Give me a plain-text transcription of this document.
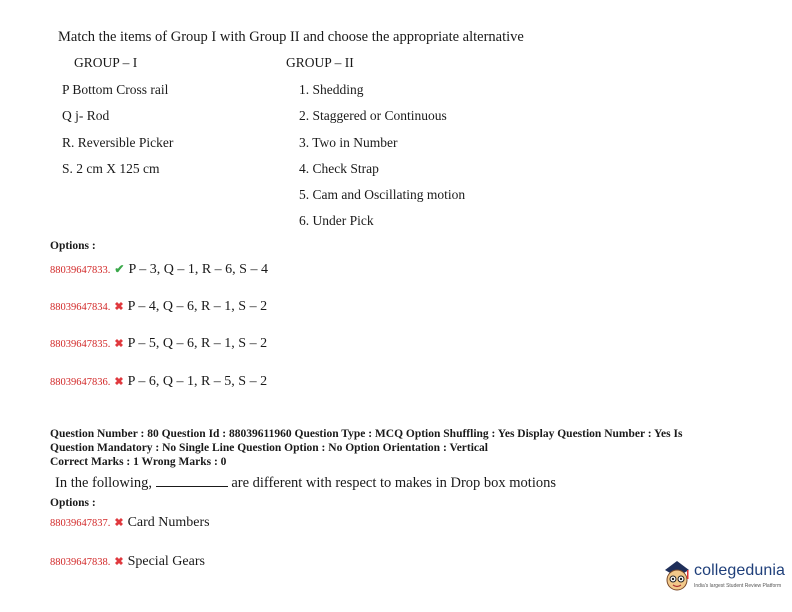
Match the items of Group I with Group II and choose the appropriate alternative
GROUP – I	GROUP – II
P Bottom Cross rail
Q j- Rod
R. Reversible Picker
S. 2 cm X 125 cm
1. Shedding
2. Staggered or Continuous
3. Two in Number
4. Check Strap
5. Cam and Oscillating motion
6. Under Pick
Options :
88039647833. ✔ P – 3, Q – 1, R – 6, S – 4
88039647834. ✖ P – 4, Q – 6, R – 1, S – 2
88039647835. ✖ P – 5, Q – 6, R – 1, S – 2
88039647836. ✖ P – 6, Q – 1, R – 5, S – 2
Question Number : 80 Question Id : 88039611960 Question Type : MCQ Option Shuffling : Yes Display Question Number : Yes Is
Question Mandatory : No Single Line Question Option : No Option Orientation : Vertical
Correct Marks : 1 Wrong Marks : 0
In the following,	are different with respect to makes in Drop box motions
Options :
88039647837. ✖ Card Numbers
88039647838. ✖ Special Gears
collegedunia
India's largest Student Review Platform
